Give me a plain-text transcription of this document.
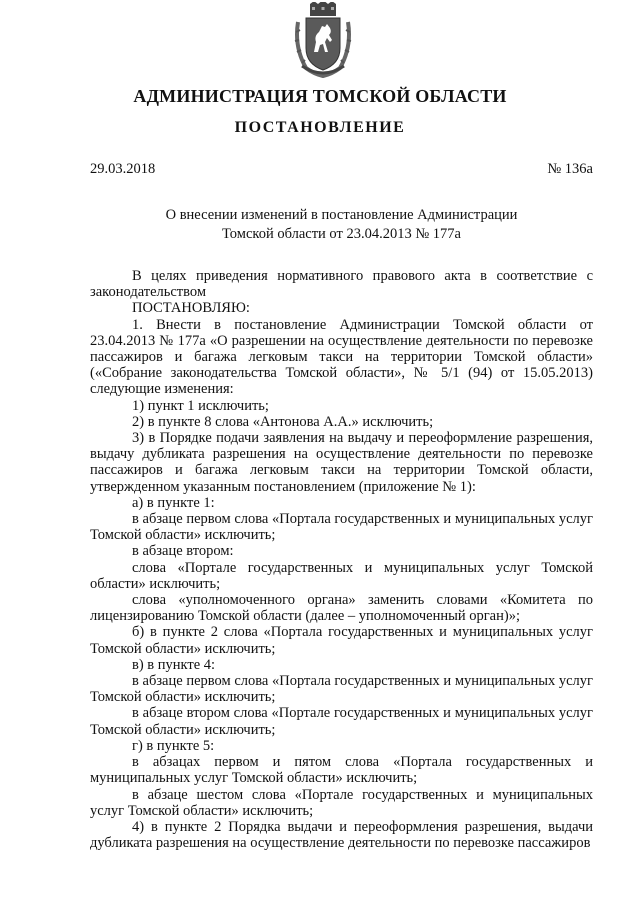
АДМИНИСТРАЦИЯ ТОМСКОЙ ОБЛАСТИ
ПОСТАНОВЛЕНИЕ
29.03.2018	№ 136а
О внесении изменений в постановление Администрации
Томской области от 23.04.2013 № 177а

В целях приведения нормативного правового акта в соответствие с законодательством

ПОСТАНОВЛЯЮ:

1. Внести в постановление Администрации Томской области от 23.04.2013 № 177а «О разрешении на осуществление деятельности по перевозке пассажиров и багажа легковым такси на территории Томской области» («Собрание законодательства Томской области», № 5/1 (94) от 15.05.2013) следующие изменения:

1) пункт 1 исключить;

2) в пункте 8 слова «Антонова А.А.» исключить;

3) в Порядке подачи заявления на выдачу и переоформление разрешения, выдачу дубликата разрешения на осуществление деятельности по перевозке пассажиров и багажа легковым такси на территории Томской области, утвержденном указанным постановлением (приложение № 1):

а) в пункте 1:

в абзаце первом слова «Портала государственных и муниципальных услуг Томской области» исключить;

в абзаце втором:

слова «Портале государственных и муниципальных услуг Томской области» исключить;

слова «уполномоченного органа» заменить словами «Комитета по лицензированию Томской области (далее – уполномоченный орган)»;

б) в пункте 2 слова «Портала государственных и муниципальных услуг Томской области» исключить;

в) в пункте 4:

в абзаце первом слова «Портала государственных и муниципальных услуг Томской области» исключить;

в абзаце втором слова «Портале государственных и муниципальных услуг Томской области» исключить;

г) в пункте 5:

в абзацах первом и пятом слова «Портала государственных и муниципальных услуг Томской области» исключить;

в абзаце шестом слова «Портале государственных и муниципальных услуг Томской области» исключить;

4) в пункте 2 Порядка выдачи и переоформления разрешения, выдачи дубликата разрешения на осуществление деятельности по перевозке пассажиров
